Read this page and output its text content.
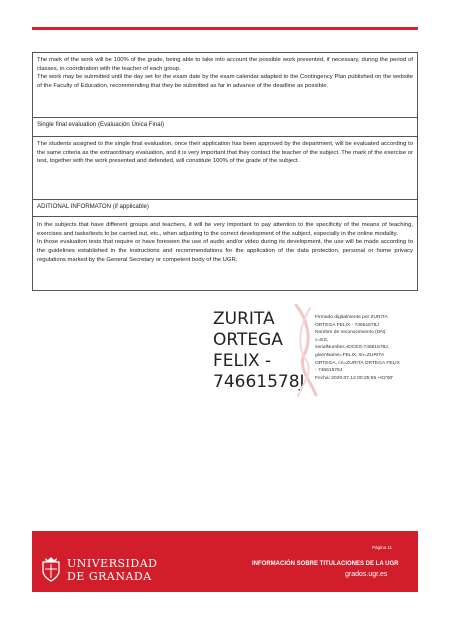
The mark of the work will be 100% of the grade, being able to take into account the possible work presented, if necessary, during the period of classes, in coordination with the teacher of each group.

The work may be submitted until the day set for the exam date by the exam calendar adapted to the Contingency Plan published on the website of the Faculty of Education, recommending that they be submitted as far in advance of the deadline as possible.

Single final evaluation (Evaluación Única Final)

The students assigned to the single final evaluation, once their application has been approved by the department, will be evaluated according to the same criteria as the extraordinary evaluation, and it is very important that they contact the teacher of the subject. The mark of the exercise or test, together with the work presented and defended, will constitute 100% of the grade of the subject.

ADITIONAL INFORMATON (if applicable)

In the subjects that have different groups and teachers, it will be very important to pay attention to the specificity of the means of teaching, exercises and tasks/tests to be carried out, etc., when adjusting to the correct development of the subject, especially in the online modality.

In those evaluation tests that require or have foreseen the use of audio and/or video during its development, the use will be made according to the guidelines established in the instructions and recommendations for the application of the data protection, personal or home privacy regulations marked by the General Secretary or competent body of the UGR.

ZURITA
ORTEGA
FELIX -
74661578J
Firmado digitalmente por ZURITA
ORTEGA FELIX - 74661578J
Nombre de reconocimiento (DN):
c=ES,
serialNumber=IDCES-74661578J,
givenName=FELIX, sn=ZURITA
ORTEGA, cn=ZURITA ORTEGA FELIX
- 74661578J
Fecha: 2020.07.12 00:25:55 +02'00'
UNIVERSIDAD
DE GRANADA
Página 11
INFORMACIÓN SOBRE TITULACIONES DE LA UGR
grados.ugr.es
